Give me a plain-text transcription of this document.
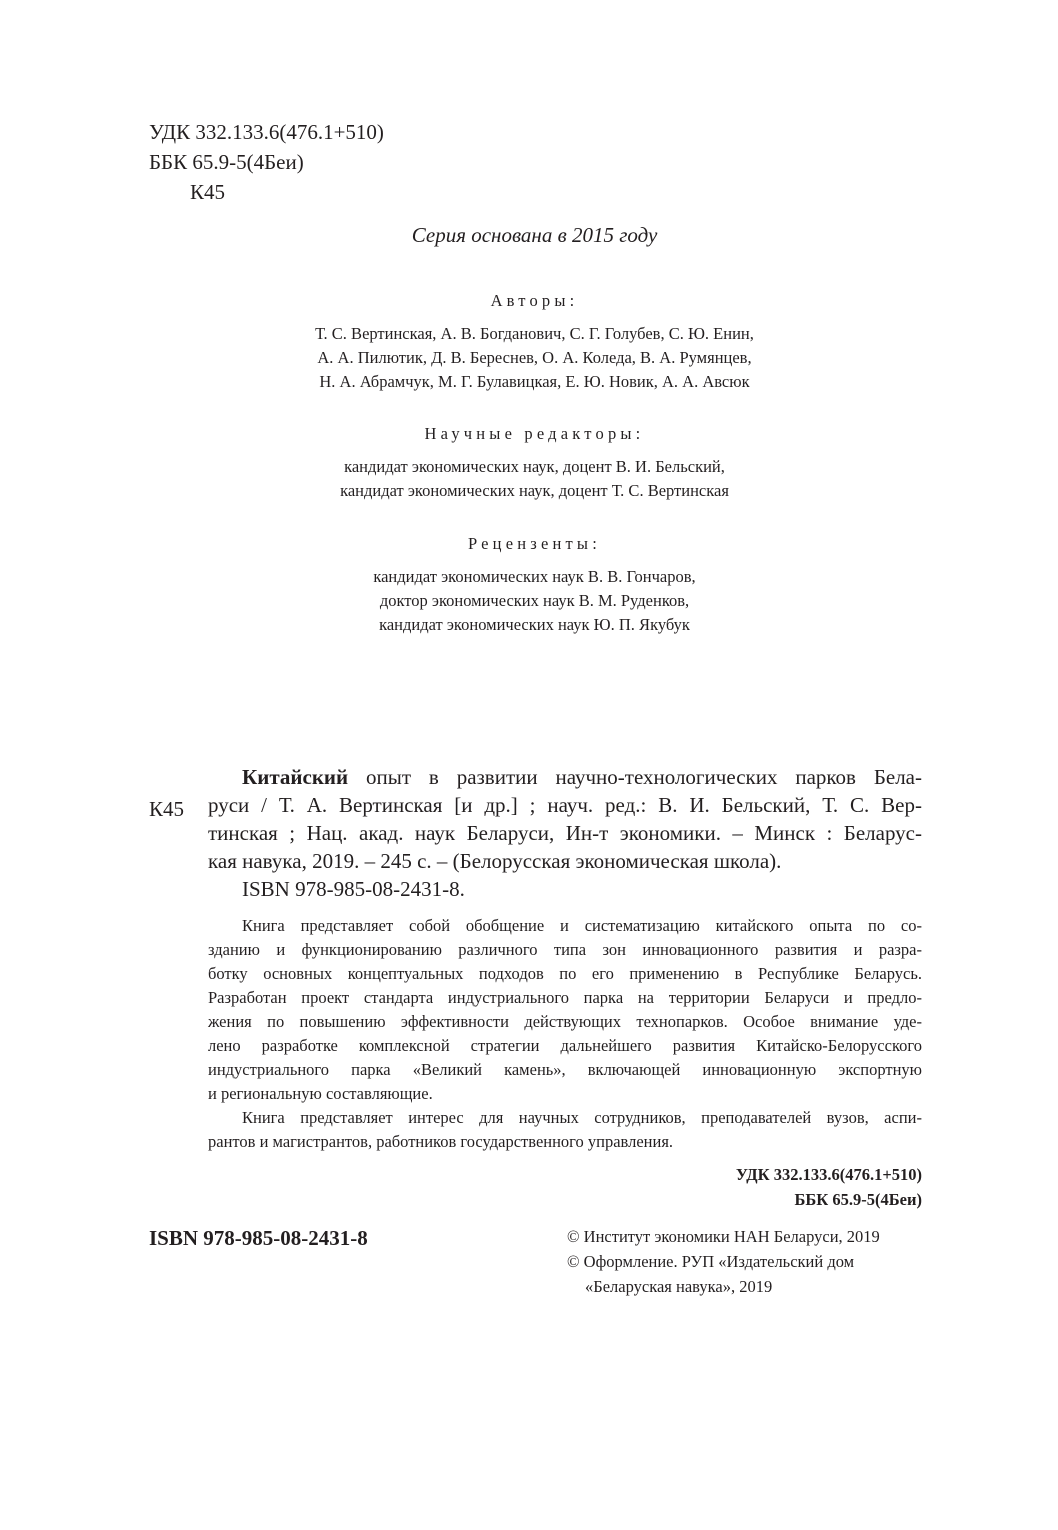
УДК 332.133.6(476.1+510)
ББК 65.9-5(4Беи)
К45
Серия основана в 2015 году
Авторы:
Т. С. Вертинская, А. В. Богданович, С. Г. Голубев, С. Ю. Енин,
А. А. Пилютик, Д. В. Береснев, О. А. Коледа, В. А. Румянцев,
Н. А. Абрамчук, М. Г. Булавицкая, Е. Ю. Новик, А. А. Авсюк
Научные редакторы:
кандидат экономических наук, доцент В. И. Бельский,
кандидат экономических наук, доцент Т. С. Вертинская
Рецензенты:
кандидат экономических наук В. В. Гончаров,
доктор экономических наук В. М. Руденков,
кандидат экономических наук Ю. П. Якубук
К45
Китайский опыт в развитии научно-технологических парков Бела-
руси / Т. А. Вертинская [и др.] ; науч. ред.: В. И. Бельский, Т. С. Вер-
тинская ; Нац. акад. наук Беларуси, Ин-т экономики. – Минск : Беларус-
кая навука, 2019. – 245 с. – (Белорусская экономическая школа).
ISBN 978-985-08-2431-8.
Книга представляет собой обобщение и систематизацию китайского опыта по со-
зданию и функционированию различного типа зон инновационного развития и разра-
ботку основных концептуальных подходов по его применению в Республике Беларусь.
Разработан проект стандарта индустриального парка на территории Беларуси и предло-
жения по повышению эффективности действующих технопарков. Особое внимание уде-
лено разработке комплексной стратегии дальнейшего развития Китайско-Белорусского
индустриального парка «Великий камень», включающей инновационную экспортную
и региональную составляющие.
Книга представляет интерес для научных сотрудников, преподавателей вузов, аспи-
рантов и магистрантов, работников государственного управления.
УДК 332.133.6(476.1+510)
ББК 65.9-5(4Беи)
ISBN 978-985-08-2431-8	© Институт экономики НАН Беларуси, 2019
© Оформление. РУП «Издательский дом
«Беларуская навука», 2019
